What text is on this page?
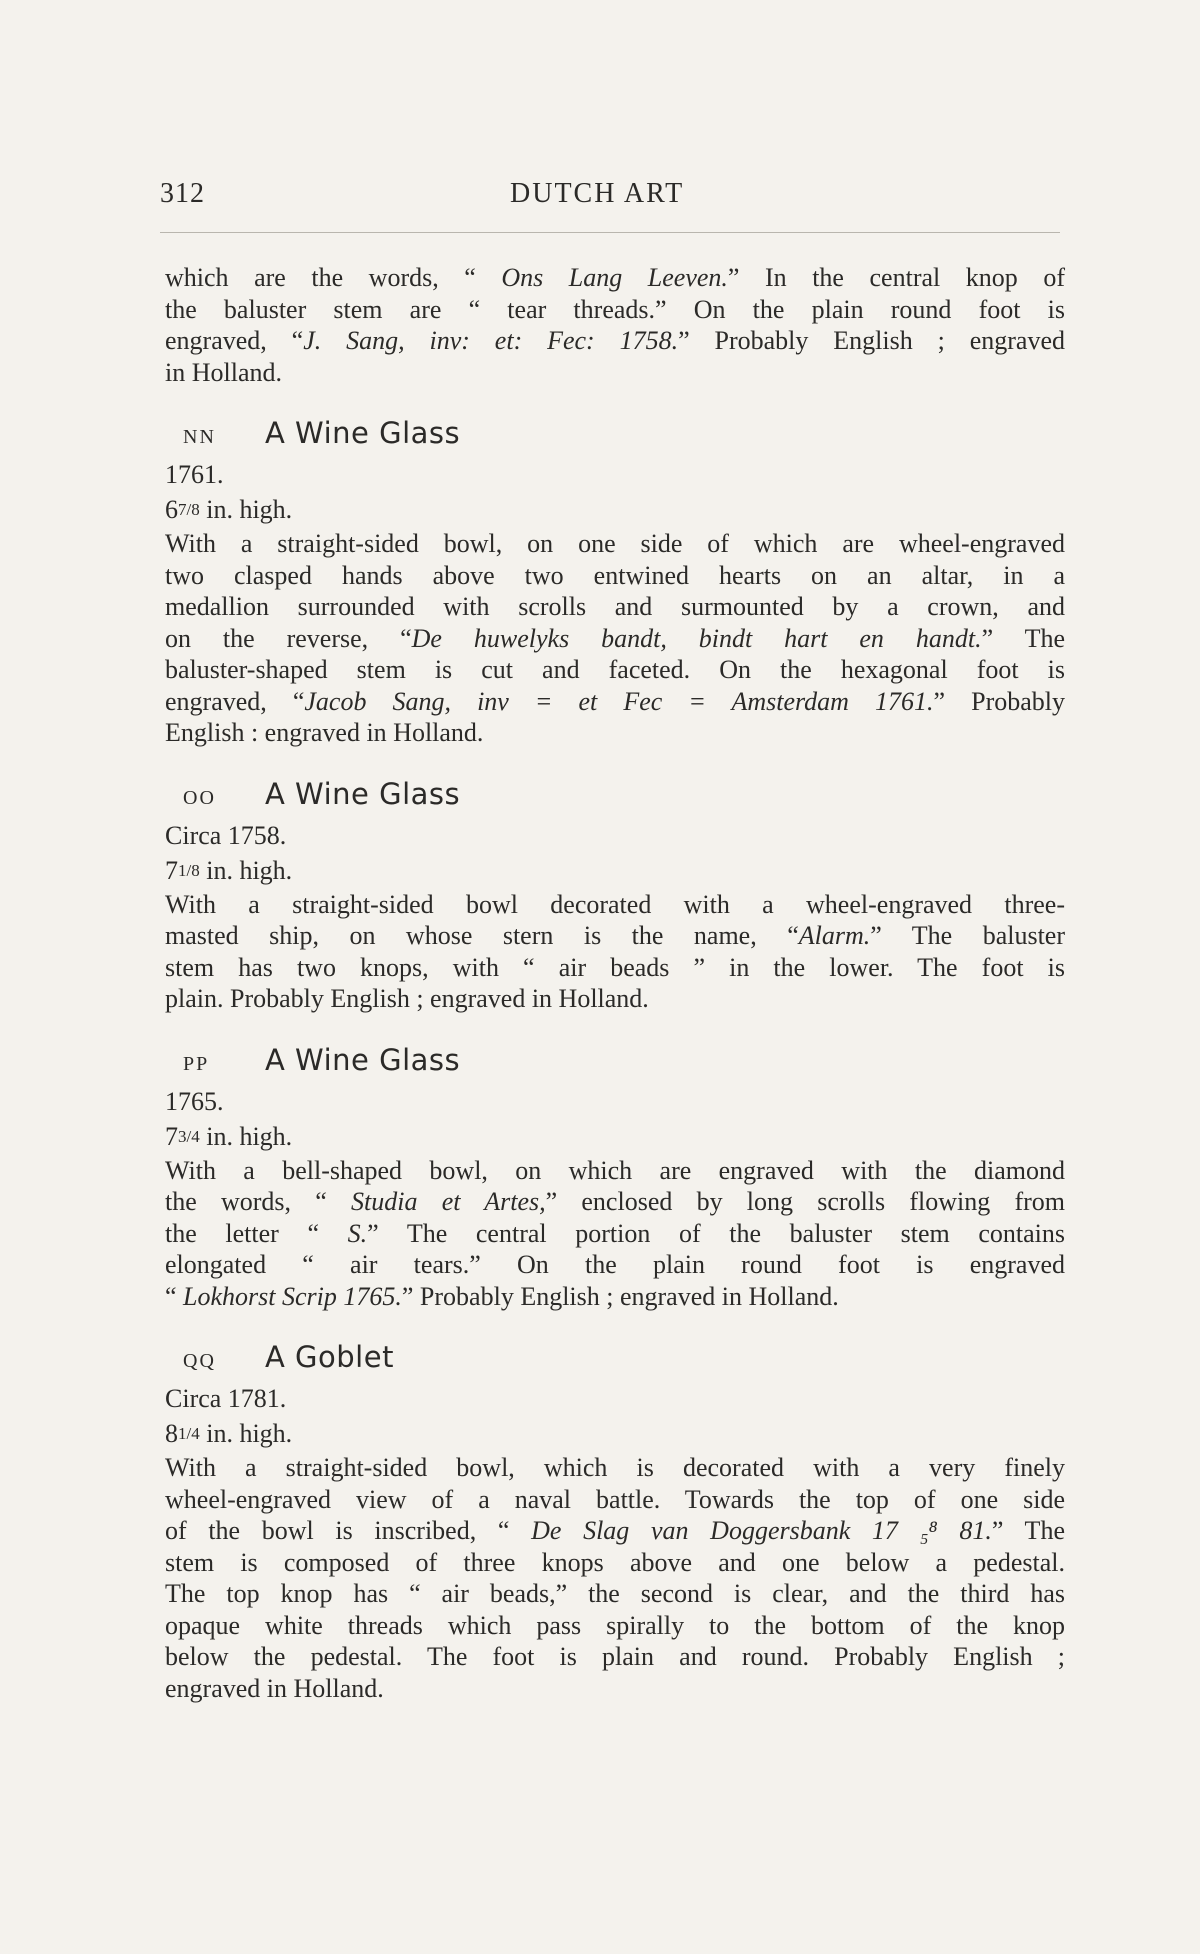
312	DUTCH ART

which are the words, “ Ons Lang Leeven.” In the central knop of
the baluster stem are “ tear threads.” On the plain round foot is
engraved, “J. Sang, inv: et: Fec: 1758.” Probably English ; engraved
in Holland.

NN	A Wine Glass
1761.
67/8 in. high.

With a straight-sided bowl, on one side of which are wheel-engraved
two clasped hands above two entwined hearts on an altar, in a
medallion surrounded with scrolls and surmounted by a crown, and
on the reverse, “De huwelyks bandt, bindt hart en handt.” The
baluster-shaped stem is cut and faceted. On the hexagonal foot is
engraved, “Jacob Sang, inv = et Fec = Amsterdam 1761.” Probably
English : engraved in Holland.

OO	A Wine Glass
Circa 1758.
71/8 in. high.

With a straight-sided bowl decorated with a wheel-engraved three-
masted ship, on whose stern is the name, “Alarm.” The baluster
stem has two knops, with “ air beads ” in the lower. The foot is
plain. Probably English ; engraved in Holland.

PP	A Wine Glass
1765.
73/4 in. high.

With a bell-shaped bowl, on which are engraved with the diamond
the words, “ Studia et Artes,” enclosed by long scrolls flowing from
the letter “ S.” The central portion of the baluster stem contains
elongated “ air tears.” On the plain round foot is engraved
“ Lokhorst Scrip 1765.” Probably English ; engraved in Holland.

QQ	A Goblet
Circa 1781.
81/4 in. high.

With a straight-sided bowl, which is decorated with a very finely
wheel-engraved view of a naval battle. Towards the top of one side
of the bowl is inscribed, “ De Slag van Doggersbank 17 ₅⁸ 81.” The
stem is composed of three knops above and one below a pedestal.
The top knop has “ air beads,” the second is clear, and the third has
opaque white threads which pass spirally to the bottom of the knop
below the pedestal. The foot is plain and round. Probably English ;
engraved in Holland.
